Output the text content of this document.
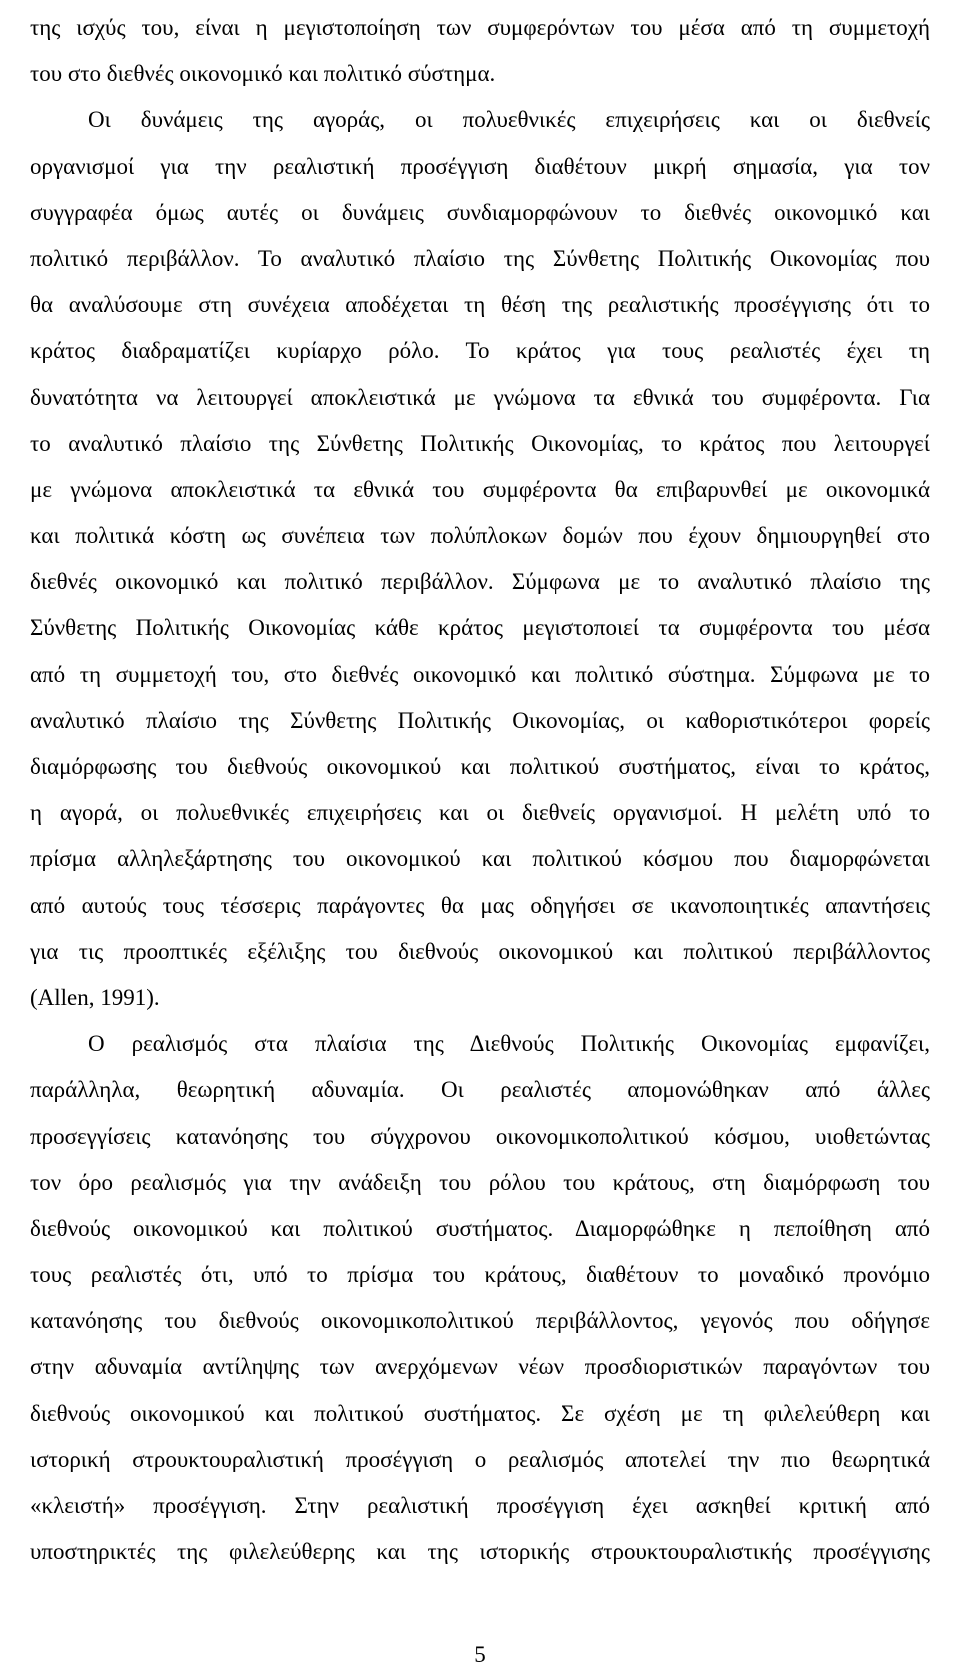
της ισχύς του, είναι η μεγιστοποίηση των συμφερόντων του μέσα από τη συμμετοχή
του στο διεθνές οικονομικό και πολιτικό σύστημα.
Οι δυνάμεις της αγοράς, οι πολυεθνικές επιχειρήσεις και οι διεθνείς
οργανισμοί για την ρεαλιστική προσέγγιση διαθέτουν μικρή σημασία, για τον
συγγραφέα όμως αυτές οι δυνάμεις συνδιαμορφώνουν το διεθνές οικονομικό και
πολιτικό περιβάλλον. Το αναλυτικό πλαίσιο της Σύνθετης Πολιτικής Οικονομίας που
θα αναλύσουμε στη συνέχεια αποδέχεται τη θέση της ρεαλιστικής προσέγγισης ότι το
κράτος διαδραματίζει κυρίαρχο ρόλο. Το κράτος για τους ρεαλιστές έχει τη
δυνατότητα να λειτουργεί αποκλειστικά με γνώμονα τα εθνικά του συμφέροντα. Για
το αναλυτικό πλαίσιο της Σύνθετης Πολιτικής Οικονομίας, το κράτος που λειτουργεί
με γνώμονα αποκλειστικά τα εθνικά του συμφέροντα θα επιβαρυνθεί με οικονομικά
και πολιτικά κόστη ως συνέπεια των πολύπλοκων δομών που έχουν δημιουργηθεί στο
διεθνές οικονομικό και πολιτικό περιβάλλον. Σύμφωνα με το αναλυτικό πλαίσιο της
Σύνθετης Πολιτικής Οικονομίας κάθε κράτος μεγιστοποιεί τα συμφέροντα του μέσα
από τη συμμετοχή του, στο διεθνές οικονομικό και πολιτικό σύστημα. Σύμφωνα με το
αναλυτικό πλαίσιο της Σύνθετης Πολιτικής Οικονομίας, οι καθοριστικότεροι φορείς
διαμόρφωσης του διεθνούς οικονομικού και πολιτικού συστήματος, είναι το κράτος,
η αγορά, οι πολυεθνικές επιχειρήσεις και οι διεθνείς οργανισμοί. Η μελέτη υπό το
πρίσμα αλληλεξάρτησης του οικονομικού και πολιτικού κόσμου που διαμορφώνεται
από αυτούς τους τέσσερις παράγοντες θα μας οδηγήσει σε ικανοποιητικές απαντήσεις
για τις προοπτικές εξέλιξης του διεθνούς οικονομικού και πολιτικού περιβάλλοντος
(Allen, 1991).
Ο ρεαλισμός στα πλαίσια της Διεθνούς Πολιτικής Οικονομίας εμφανίζει,
παράλληλα, θεωρητική αδυναμία. Οι ρεαλιστές απομονώθηκαν από άλλες
προσεγγίσεις κατανόησης του σύγχρονου οικονομικοπολιτικού κόσμου, υιοθετώντας
τον όρο ρεαλισμός για την ανάδειξη του ρόλου του κράτους, στη διαμόρφωση του
διεθνούς οικονομικού και πολιτικού συστήματος. Διαμορφώθηκε η πεποίθηση από
τους ρεαλιστές ότι, υπό το πρίσμα του κράτους, διαθέτουν το μοναδικό προνόμιο
κατανόησης του διεθνούς οικονομικοπολιτικού περιβάλλοντος, γεγονός που οδήγησε
στην αδυναμία αντίληψης των ανερχόμενων νέων προσδιοριστικών παραγόντων του
διεθνούς οικονομικού και πολιτικού συστήματος. Σε σχέση με τη φιλελεύθερη και
ιστορική στρουκτουραλιστική προσέγγιση ο ρεαλισμός αποτελεί την πιο θεωρητικά
«κλειστή» προσέγγιση. Στην ρεαλιστική προσέγγιση έχει ασκηθεί κριτική από
υποστηρικτές της φιλελεύθερης και της ιστορικής στρουκτουραλιστικής προσέγγισης
5
